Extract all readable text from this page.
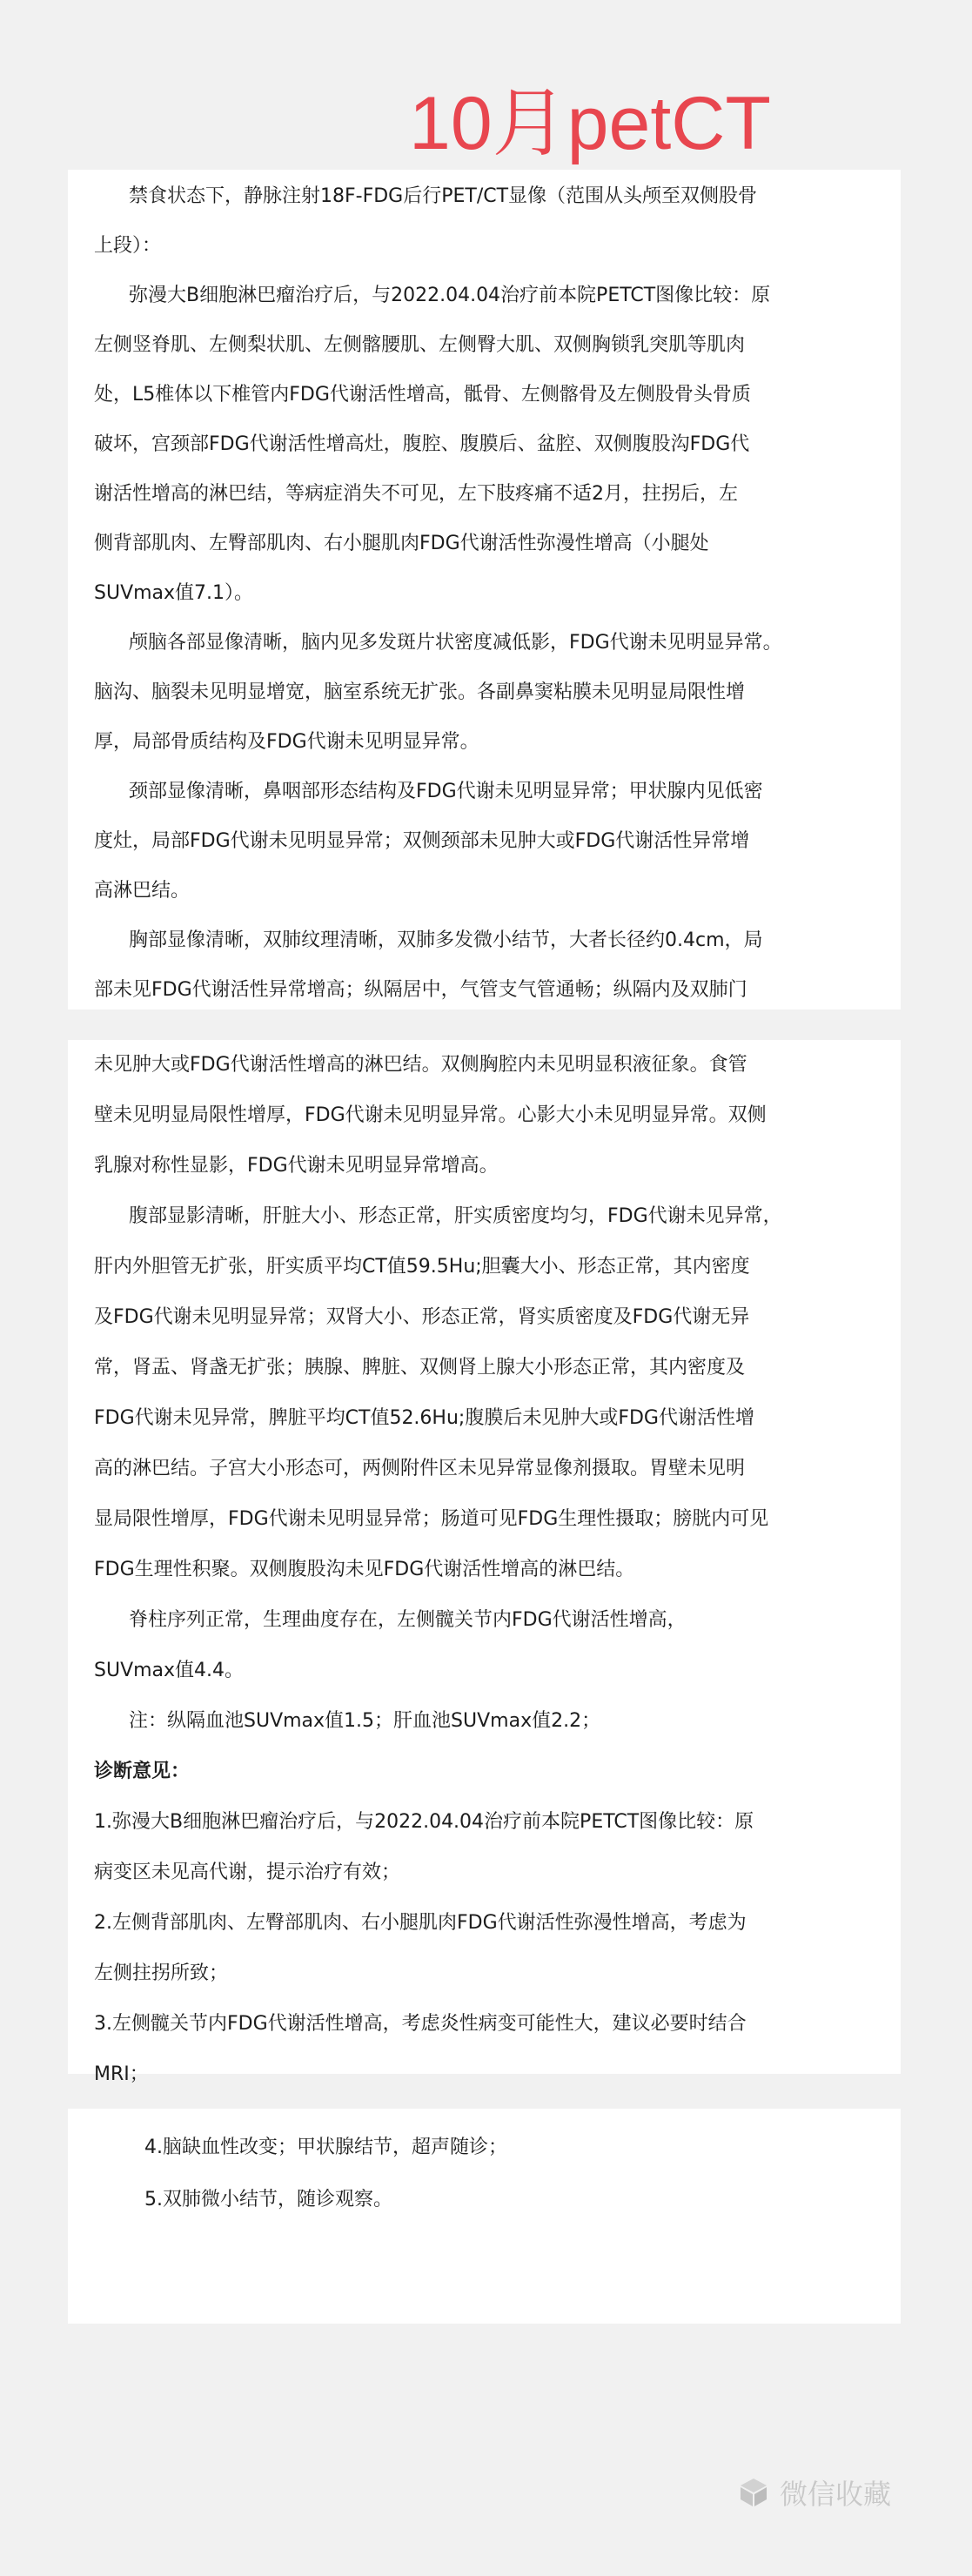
10月petCT
禁食状态下，静脉注射18F-FDG后行PET/CT显像（范围从头颅至双侧股骨
上段）：
弥漫大B细胞淋巴瘤治疗后，与2022.04.04治疗前本院PETCT图像比较：原
左侧竖脊肌、左侧梨状肌、左侧髂腰肌、左侧臀大肌、双侧胸锁乳突肌等肌肉
处，L5椎体以下椎管内FDG代谢活性增高，骶骨、左侧髂骨及左侧股骨头骨质
破坏，宫颈部FDG代谢活性增高灶，腹腔、腹膜后、盆腔、双侧腹股沟FDG代
谢活性增高的淋巴结，等病症消失不可见，左下肢疼痛不适2月，拄拐后，左
侧背部肌肉、左臀部肌肉、右小腿肌肉FDG代谢活性弥漫性增高（小腿处
SUVmax值7.1）。
颅脑各部显像清晰，脑内见多发斑片状密度减低影，FDG代谢未见明显异常。
脑沟、脑裂未见明显增宽，脑室系统无扩张。各副鼻窦粘膜未见明显局限性增
厚，局部骨质结构及FDG代谢未见明显异常。
颈部显像清晰，鼻咽部形态结构及FDG代谢未见明显异常；甲状腺内见低密
度灶，局部FDG代谢未见明显异常；双侧颈部未见肿大或FDG代谢活性异常增
高淋巴结。
胸部显像清晰，双肺纹理清晰，双肺多发微小结节，大者长径约0.4cm，局
部未见FDG代谢活性异常增高；纵隔居中，气管支气管通畅；纵隔内及双肺门
未见肿大或FDG代谢活性增高的淋巴结。双侧胸腔内未见明显积液征象。食管
壁未见明显局限性增厚，FDG代谢未见明显异常。心影大小未见明显异常。双侧
乳腺对称性显影，FDG代谢未见明显异常增高。
腹部显影清晰，肝脏大小、形态正常，肝实质密度均匀，FDG代谢未见异常，
肝内外胆管无扩张，肝实质平均CT值59.5Hu;胆囊大小、形态正常，其内密度
及FDG代谢未见明显异常；双肾大小、形态正常，肾实质密度及FDG代谢无异
常，肾盂、肾盏无扩张；胰腺、脾脏、双侧肾上腺大小形态正常，其内密度及
FDG代谢未见异常，脾脏平均CT值52.6Hu;腹膜后未见肿大或FDG代谢活性增
高的淋巴结。子宫大小形态可，两侧附件区未见异常显像剂摄取。胃壁未见明
显局限性增厚，FDG代谢未见明显异常；肠道可见FDG生理性摄取；膀胱内可见
FDG生理性积聚。双侧腹股沟未见FDG代谢活性增高的淋巴结。
脊柱序列正常，生理曲度存在，左侧髋关节内FDG代谢活性增高，
SUVmax值4.4。
注：纵隔血池SUVmax值1.5；肝血池SUVmax值2.2；
诊断意见：
1.弥漫大B细胞淋巴瘤治疗后，与2022.04.04治疗前本院PETCT图像比较：原
病变区未见高代谢，提示治疗有效；
2.左侧背部肌肉、左臀部肌肉、右小腿肌肉FDG代谢活性弥漫性增高，考虑为
左侧拄拐所致；
3.左侧髋关节内FDG代谢活性增高，考虑炎性病变可能性大，建议必要时结合
MRI；
4.脑缺血性改变；甲状腺结节，超声随诊；
5.双肺微小结节，随诊观察。
微信收藏
